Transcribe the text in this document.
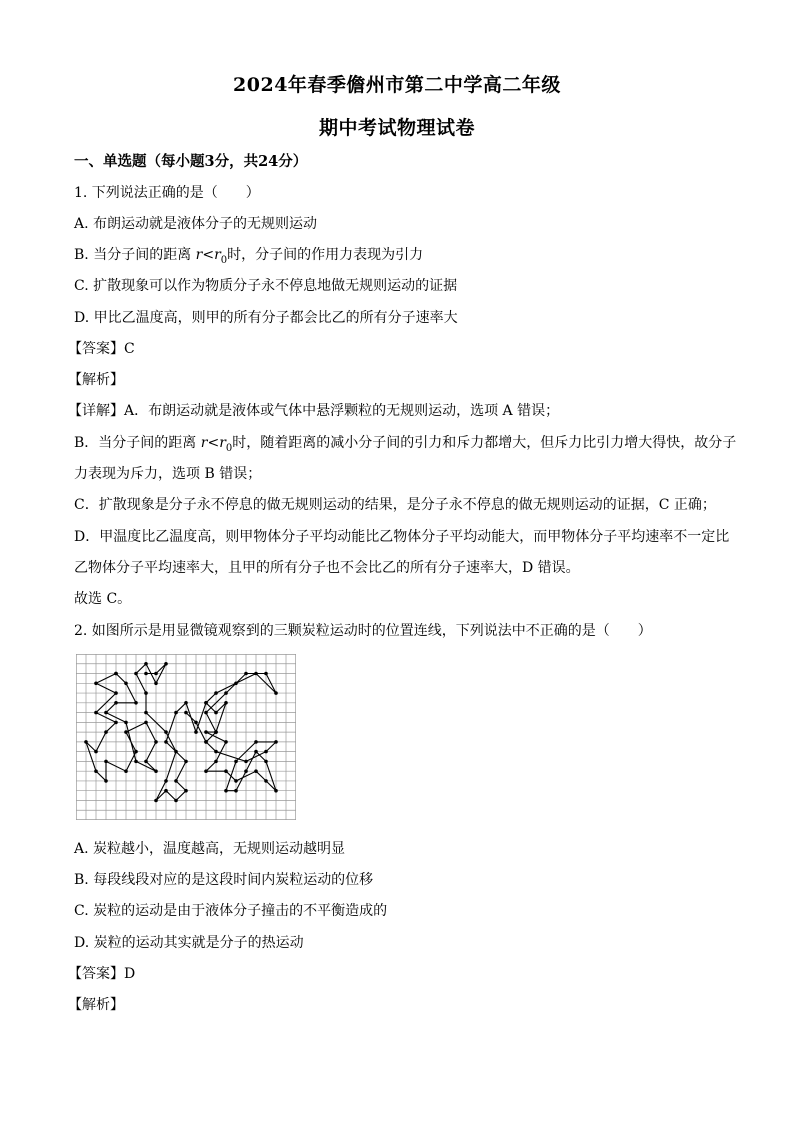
2024年春季儋州市第二中学高二年级
期中考试物理试卷
一、单选题（每小题3分，共24分）
1. 下列说法正确的是（　　）
A. 布朗运动就是液体分子的无规则运动
B. 当分子间的距离 $r<r_0$时，分子间的作用力表现为引力
C. 扩散现象可以作为物质分子永不停息地做无规则运动的证据
D. 甲比乙温度高，则甲的所有分子都会比乙的所有分子速率大
【答案】C
【解析】
【详解】A．布朗运动就是液体或气体中悬浮颗粒的无规则运动，选项 A 错误；
B．当分子间的距离 $r<r_0$时，随着距离的减小分子间的引力和斥力都增大，但斥力比引力增大得快，故分子
力表现为斥力，选项 B 错误；
C．扩散现象是分子永不停息的做无规则运动的结果，是分子永不停息的做无规则运动的证据，C 正确；
D．甲温度比乙温度高，则甲物体分子平均动能比乙物体分子平均动能大，而甲物体分子平均速率不一定比
乙物体分子平均速率大，且甲的所有分子也不会比乙的所有分子速率大，D 错误。
故选 C。
2. 如图所示是用显微镜观察到的三颗炭粒运动时的位置连线，下列说法中不正确的是（　　）
A. 炭粒越小，温度越高，无规则运动越明显
B. 每段线段对应的是这段时间内炭粒运动的位移
C. 炭粒的运动是由于液体分子撞击的不平衡造成的
D. 炭粒的运动其实就是分子的热运动
【答案】D
【解析】
